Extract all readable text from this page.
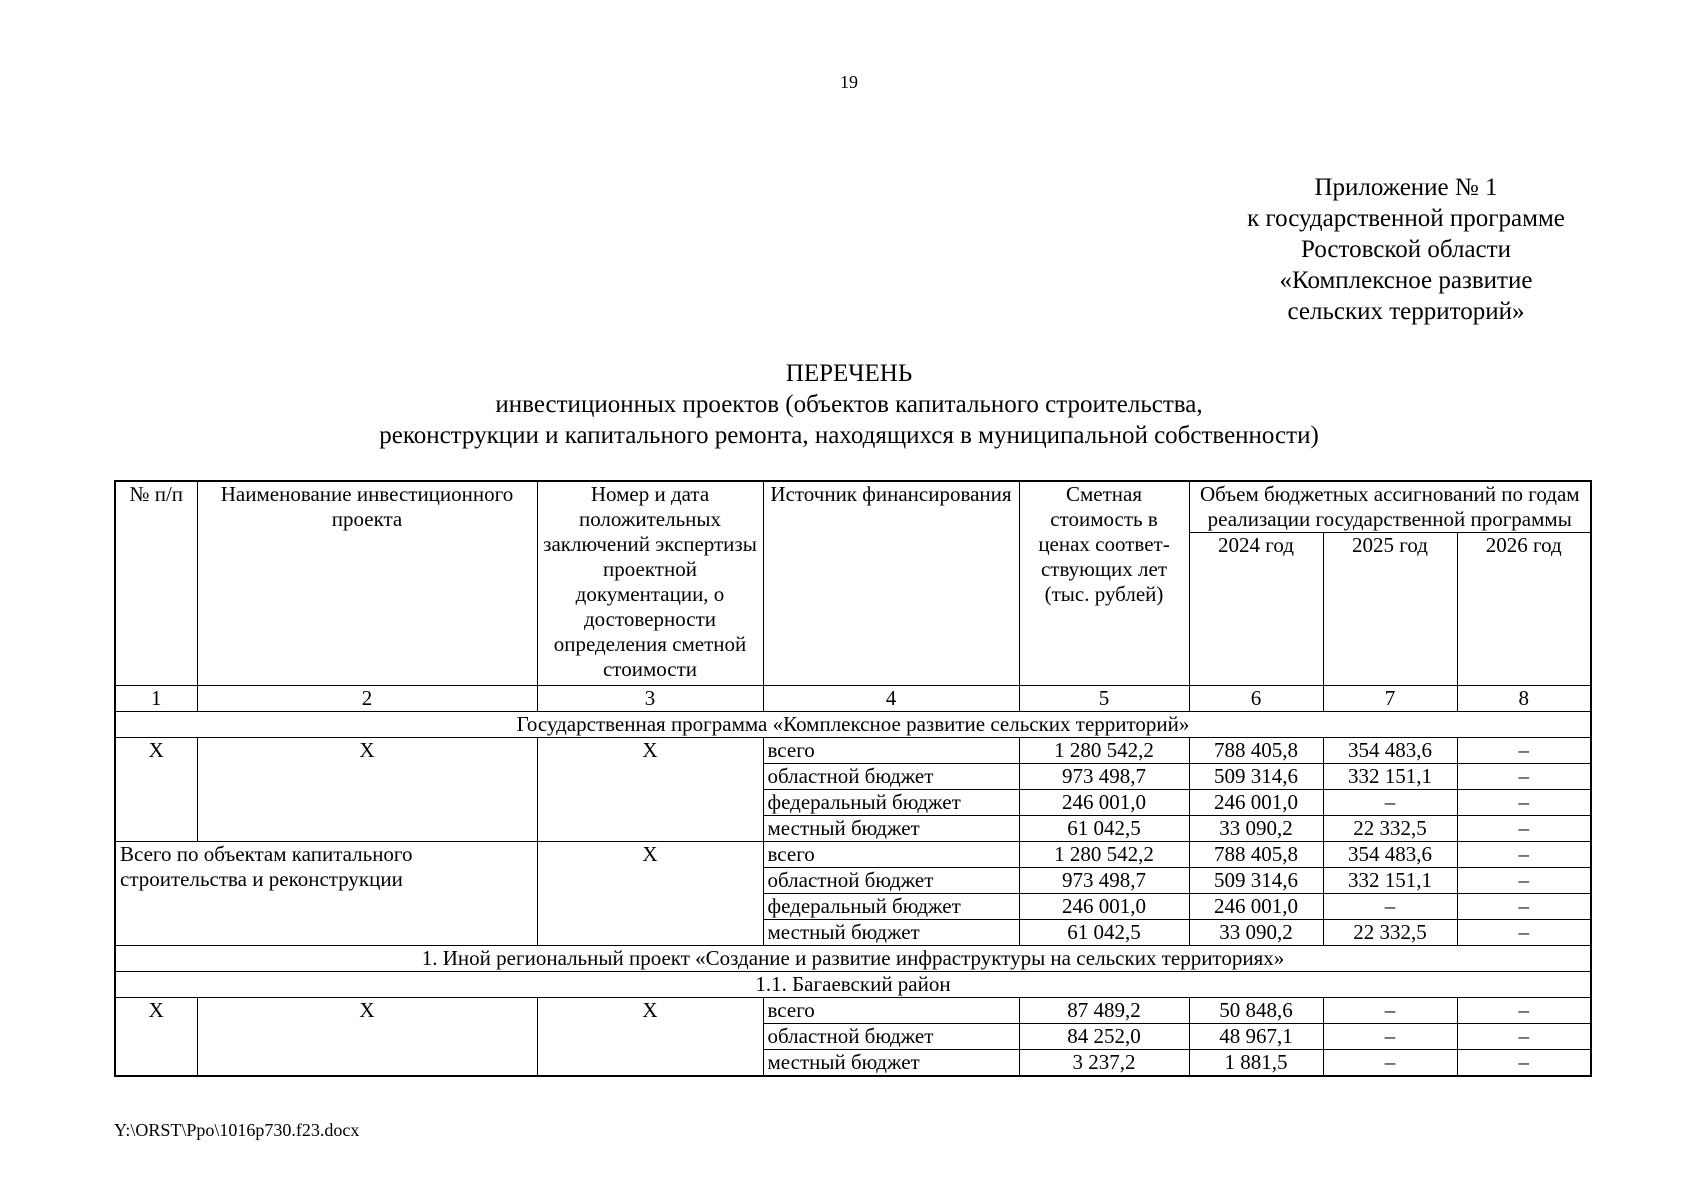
19
Приложение № 1
к государственной программе
Ростовской области
«Комплексное развитие
сельских территорий»
ПЕРЕЧЕНЬ
инвестиционных проектов (объектов капитального строительства,
реконструкции и капитального ремонта, находящихся в муниципальной собственности)
№ п/п	Наименование инвестиционного проекта	Номер и дата положительных заключений экспертизы проектной документации, о достоверности определения сметной стоимости	Источник финансирования	Сметная стоимость в ценах соответ-ствующих лет (тыс. рублей)	Объем бюджетных ассигнований по годам реализации государственной программы		
					2024 год	2025 год	2026 год
1	2	3	4	5	6	7	8
Государственная программа «Комплексное развитие сельских территорий»							
Х	Х	Х	всего	1 280 542,2	788 405,8	354 483,6	–
			областной бюджет	973 498,7	509 314,6	332 151,1	–
			федеральный бюджет	246 001,0	246 001,0	–	–
			местный бюджет	61 042,5	33 090,2	22 332,5	–
Всего по объектам капитального строительства и реконструкции		Х	всего	1 280 542,2	788 405,8	354 483,6	–
			областной бюджет	973 498,7	509 314,6	332 151,1	–
			федеральный бюджет	246 001,0	246 001,0	–	–
			местный бюджет	61 042,5	33 090,2	22 332,5	–
1. Иной региональный проект «Создание и развитие инфраструктуры на сельских территориях»							
1.1. Багаевский район							
Х	Х	Х	всего	87 489,2	50 848,6	–	–
			областной бюджет	84 252,0	48 967,1	–	–
			местный бюджет	3 237,2	1 881,5	–	–
Y:\ORST\Ppo\1016p730.f23.docx
